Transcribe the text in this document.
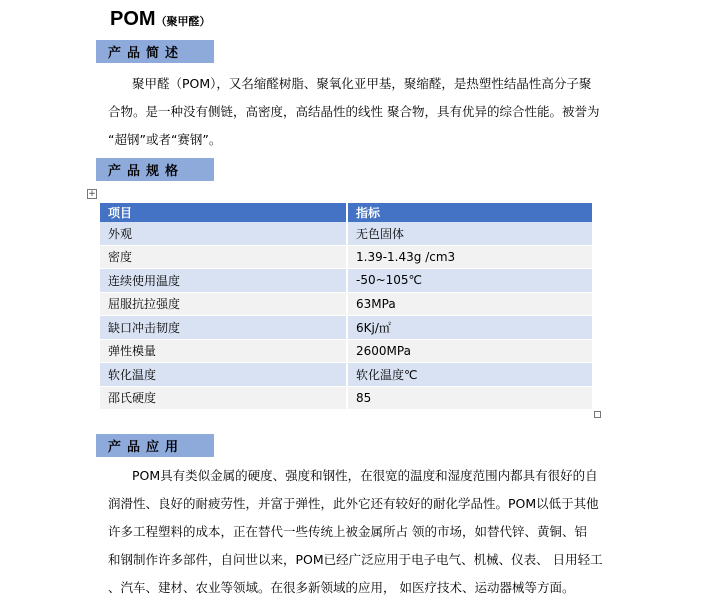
POM（聚甲醛）
产品简述
聚甲醛（POM），又名缩醛树脂、聚氧化亚甲基，聚缩醛，是热塑性结晶性高分子聚
合物。是一种没有侧链，高密度，高结晶性的线性 聚合物，具有优异的综合性能。被誉为
“超钢”或者“赛钢”。
产品规格
+
项目	指标
外观	无色固体
密度	1.39-1.43g /cm3
连续使用温度	-50~105℃
屈服抗拉强度	63MPa
缺口冲击韧度	6Kj/㎡
弹性模量	2600MPa
软化温度	软化温度℃
邵氏硬度	85
产品应用
POM具有类似金属的硬度、强度和钢性，在很宽的温度和湿度范围内都具有很好的自
润滑性、良好的耐疲劳性，并富于弹性，此外它还有较好的耐化学品性。POM以低于其他
许多工程塑料的成本，正在替代一些传统上被金属所占 领的市场，如替代锌、黄铜、铝
和钢制作许多部件，自问世以来，POM已经广泛应用于电子电气、机械、仪表、 日用轻工
、汽车、建材、农业等领域。在很多新领域的应用， 如医疗技术、运动器械等方面。
